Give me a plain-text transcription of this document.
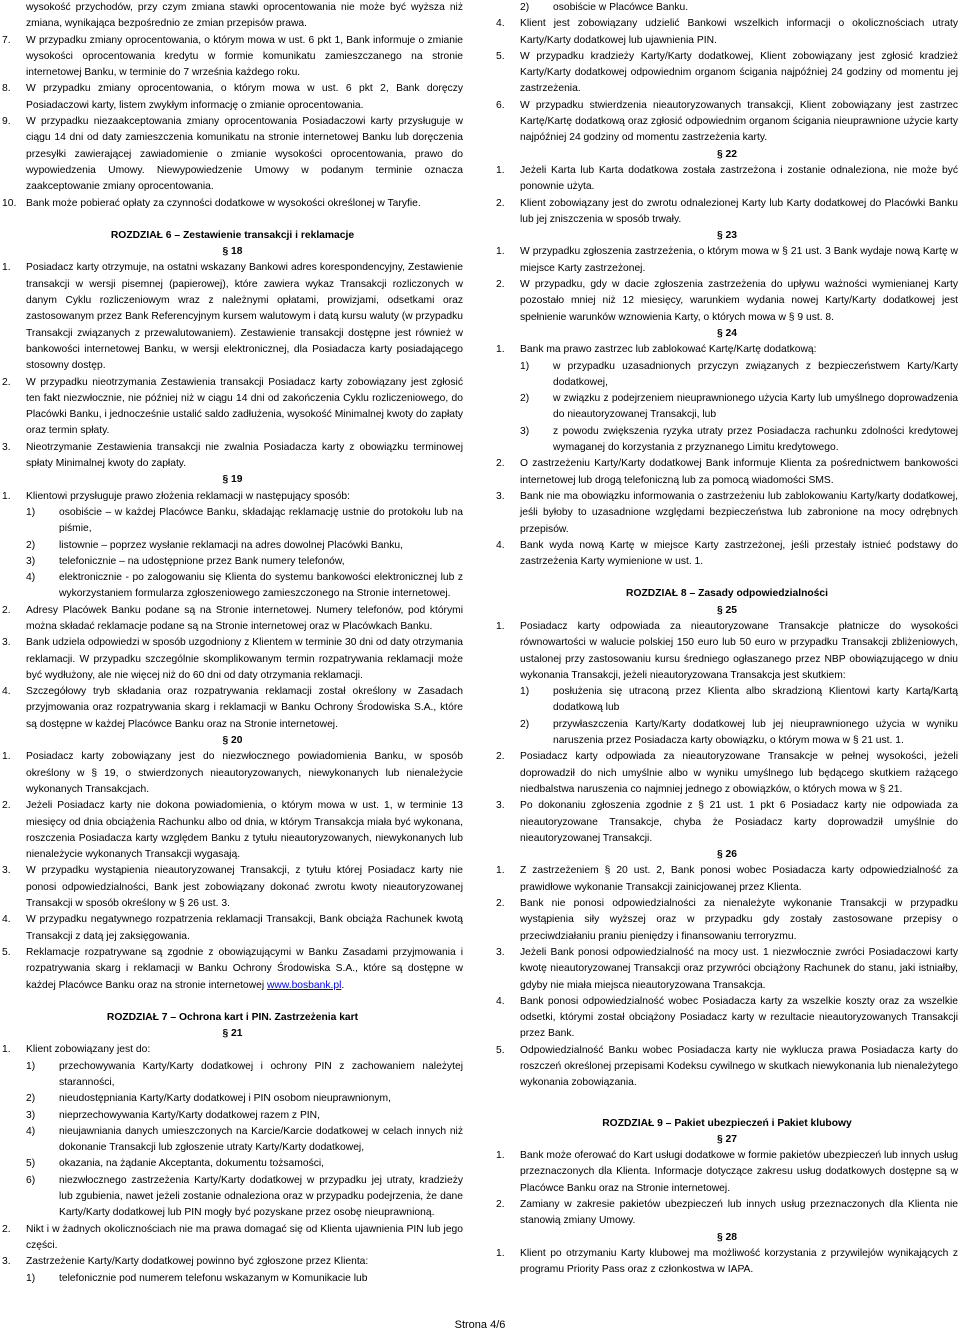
wysokość przychodów, przy czym zmiana stawki oprocentowania nie może być wyższa niż zmiana, wynikająca bezpośrednio ze zmian przepisów prawa.

7. W przypadku zmiany oprocentowania, o którym mowa w ust. 6 pkt 1, Bank informuje o zmianie wysokości oprocentowania kredytu w formie komunikatu zamieszczanego na stronie internetowej Banku, w terminie do 7 września każdego roku.
8. W przypadku zmiany oprocentowania, o którym mowa w ust. 6 pkt 2, Bank doręczy Posiadaczowi karty, listem zwykłym informację o zmianie oprocentowania.
9. W przypadku niezaakceptowania zmiany oprocentowania Posiadaczowi karty przysługuje w ciągu 14 dni od daty zamieszczenia komunikatu na stronie internetowej Banku lub doręczenia przesyłki zawierającej zawiadomienie o zmianie wysokości oprocentowania, prawo do wypowiedzenia Umowy. Niewypowiedzenie Umowy w podanym terminie oznacza zaakceptowanie zmiany oprocentowania.
10. Bank może pobierać opłaty za czynności dodatkowe w wysokości określonej w Taryfie.
ROZDZIAŁ 6 – Zestawienie transakcji i reklamacje
§ 18
1. Posiadacz karty otrzymuje, na ostatni wskazany Bankowi adres korespondencyjny, Zestawienie transakcji w wersji pisemnej (papierowej), które zawiera wykaz Transakcji rozliczonych w danym Cyklu rozliczeniowym wraz z należnymi opłatami, prowizjami, odsetkami oraz zastosowanym przez Bank Referencyjnym kursem walutowym i datą kursu waluty (w przypadku Transakcji związanych z przewalutowaniem). Zestawienie transakcji dostępne jest również w bankowości internetowej Banku, w wersji elektronicznej, dla Posiadacza karty posiadającego stosowny dostęp.
2. W przypadku nieotrzymania Zestawienia transakcji Posiadacz karty zobowiązany jest zgłosić ten fakt niezwłocznie, nie później niż w ciągu 14 dni od zakończenia Cyklu rozliczeniowego, do Placówki Banku, i jednocześnie ustalić saldo zadłużenia, wysokość Minimalnej kwoty do zapłaty oraz termin spłaty.
3. Nieotrzymanie Zestawienia transakcji nie zwalnia Posiadacza karty z obowiązku terminowej spłaty Minimalnej kwoty do zapłaty.
§ 19
1. Klientowi przysługuje prawo złożenia reklamacji w następujący sposób:
1) osobiście – w każdej Placówce Banku, składając reklamację ustnie do protokołu lub na piśmie,
2) listownie – poprzez wysłanie reklamacji na adres dowolnej Placówki Banku,
3) telefonicznie – na udostępnione przez Bank numery telefonów,
4) elektronicznie - po zalogowaniu się Klienta do systemu bankowości elektronicznej lub z wykorzystaniem formularza zgłoszeniowego zamieszczonego na Stronie internetowej.
2. Adresy Placówek Banku podane są na Stronie internetowej. Numery telefonów, pod którymi można składać reklamacje podane są na Stronie internetowej oraz w Placówkach Banku.
3. Bank udziela odpowiedzi w sposób uzgodniony z Klientem w terminie 30 dni od daty otrzymania reklamacji. W przypadku szczególnie skomplikowanym termin rozpatrywania reklamacji może być wydłużony, ale nie więcej niż do 60 dni od daty otrzymania reklamacji.
4. Szczegółowy tryb składania oraz rozpatrywania reklamacji został określony w Zasadach przyjmowania oraz rozpatrywania skarg i reklamacji w Banku Ochrony Środowiska S.A., które są dostępne w każdej Placówce Banku oraz na Stronie internetowej.
§ 20
1. Posiadacz karty zobowiązany jest do niezwłocznego powiadomienia Banku, w sposób określony w § 19, o stwierdzonych nieautoryzowanych, niewykonanych lub nienależycie wykonanych Transakcjach.
2. Jeżeli Posiadacz karty nie dokona powiadomienia, o którym mowa w ust. 1, w terminie 13 miesięcy od dnia obciążenia Rachunku albo od dnia, w którym Transakcja miała być wykonana, roszczenia Posiadacza karty względem Banku z tytułu nieautoryzowanych, niewykonanych lub nienależycie wykonanych Transakcji wygasają.
3. W przypadku wystąpienia nieautoryzowanej Transakcji, z tytułu której Posiadacz karty nie ponosi odpowiedzialności, Bank jest zobowiązany dokonać zwrotu kwoty nieautoryzowanej Transakcji w sposób określony w § 26 ust. 3.
4. W przypadku negatywnego rozpatrzenia reklamacji Transakcji, Bank obciąża Rachunek kwotą Transakcji z datą jej zaksięgowania.
5. Reklamacje rozpatrywane są zgodnie z obowiązującymi w Banku Zasadami przyjmowania i rozpatrywania skarg i reklamacji w Banku Ochrony Środowiska S.A., które są dostępne w każdej Placówce Banku oraz na stronie internetowej www.bosbank.pl.
ROZDZIAŁ 7 – Ochrona kart i PIN. Zastrzeżenia kart
§ 21
1. Klient zobowiązany jest do:
1) przechowywania Karty/Karty dodatkowej i ochrony PIN z zachowaniem należytej staranności,
2) nieudostępniania Karty/Karty dodatkowej i PIN osobom nieuprawnionym,
3) nieprzechowywania Karty/Karty dodatkowej razem z PIN,
4) nieujawniania danych umieszczonych na Karcie/Karcie dodatkowej w celach innych niż dokonanie Transakcji lub zgłoszenie utraty Karty/Karty dodatkowej,
5) okazania, na żądanie Akceptanta, dokumentu tożsamości,
6) niezwłocznego zastrzeżenia Karty/Karty dodatkowej w przypadku jej utraty, kradzieży lub zgubienia, nawet jeżeli zostanie odnaleziona oraz w przypadku podejrzenia, że dane Karty/Karty dodatkowej lub PIN mogły być pozyskane przez osobę nieuprawnioną.
2. Nikt i w żadnych okolicznościach nie ma prawa domagać się od Klienta ujawnienia PIN lub jego części.
3. Zastrzeżenie Karty/Karty dodatkowej powinno być zgłoszone przez Klienta:
1) telefonicznie pod numerem telefonu wskazanym w Komunikacie lub
2) osobiście w Placówce Banku.
4. Klient jest zobowiązany udzielić Bankowi wszelkich informacji o okolicznościach utraty Karty/Karty dodatkowej lub ujawnienia PIN.
5. W przypadku kradzieży Karty/Karty dodatkowej, Klient zobowiązany jest zgłosić kradzież Karty/Karty dodatkowej odpowiednim organom ścigania najpóźniej 24 godziny od momentu jej zastrzeżenia.
6. W przypadku stwierdzenia nieautoryzowanych transakcji, Klient zobowiązany jest zastrzec Kartę/Kartę dodatkową oraz zgłosić odpowiednim organom ścigania nieuprawnione użycie karty najpóźniej 24 godziny od momentu zastrzeżenia karty.
§ 22
1. Jeżeli Karta lub Karta dodatkowa została zastrzeżona i zostanie odnaleziona, nie może być ponownie użyta.
2. Klient zobowiązany jest do zwrotu odnalezionej Karty lub Karty dodatkowej do Placówki Banku lub jej zniszczenia w sposób trwały.
§ 23
1. W przypadku zgłoszenia zastrzeżenia, o którym mowa w § 21 ust. 3 Bank wydaje nową Kartę w miejsce Karty zastrzeżonej.
2. W przypadku, gdy w dacie zgłoszenia zastrzeżenia do upływu ważności wymienianej Karty pozostało mniej niż 12 miesięcy, warunkiem wydania nowej Karty/Karty dodatkowej jest spełnienie warunków wznowienia Karty, o których mowa w § 9 ust. 8.
§ 24
1. Bank ma prawo zastrzec lub zablokować Kartę/Kartę dodatkową:
1) w przypadku uzasadnionych przyczyn związanych z bezpieczeństwem Karty/Karty dodatkowej,
2) w związku z podejrzeniem nieuprawnionego użycia Karty lub umyślnego doprowadzenia do nieautoryzowanej Transakcji, lub
3) z powodu zwiększenia ryzyka utraty przez Posiadacza rachunku zdolności kredytowej wymaganej do korzystania z przyznanego Limitu kredytowego.
2. O zastrzeżeniu Karty/Karty dodatkowej Bank informuje Klienta za pośrednictwem bankowości internetowej lub drogą telefoniczną lub za pomocą wiadomości SMS.
3. Bank nie ma obowiązku informowania o zastrzeżeniu lub zablokowaniu Karty/karty dodatkowej, jeśli byłoby to uzasadnione względami bezpieczeństwa lub zabronione na mocy odrębnych przepisów.
4. Bank wyda nową Kartę w miejsce Karty zastrzeżonej, jeśli przestały istnieć podstawy do zastrzeżenia Karty wymienione w ust. 1.
ROZDZIAŁ 8 – Zasady odpowiedzialności
§ 25
1. Posiadacz karty odpowiada za nieautoryzowane Transakcje płatnicze do wysokości równowartości w walucie polskiej 150 euro lub 50 euro w przypadku Transakcji zbliżeniowych, ustalonej przy zastosowaniu kursu średniego ogłaszanego przez NBP obowiązującego w dniu wykonania Transakcji, jeżeli nieautoryzowana Transakcja jest skutkiem:
1) posłużenia się utraconą przez Klienta albo skradzioną Klientowi karty Kartą/Kartą dodatkową lub
2) przywłaszczenia Karty/Karty dodatkowej lub jej nieuprawnionego użycia w wyniku naruszenia przez Posiadacza karty obowiązku, o którym mowa w § 21 ust. 1.
2. Posiadacz karty odpowiada za nieautoryzowane Transakcje w pełnej wysokości, jeżeli doprowadził do nich umyślnie albo w wyniku umyślnego lub będącego skutkiem rażącego niedbalstwa naruszenia co najmniej jednego z obowiązków, o których mowa w § 21.
3. Po dokonaniu zgłoszenia zgodnie z § 21 ust. 1 pkt 6 Posiadacz karty nie odpowiada za nieautoryzowane Transakcje, chyba że Posiadacz karty doprowadził umyślnie do nieautoryzowanej Transakcji.
§ 26
1. Z zastrzeżeniem § 20 ust. 2, Bank ponosi wobec Posiadacza karty odpowiedzialność za prawidłowe wykonanie Transakcji zainicjowanej przez Klienta.
2. Bank nie ponosi odpowiedzialności za nienależyte wykonanie Transakcji w przypadku wystąpienia siły wyższej oraz w przypadku gdy zostały zastosowane przepisy o przeciwdziałaniu praniu pieniędzy i finansowaniu terroryzmu.
3. Jeżeli Bank ponosi odpowiedzialność na mocy ust. 1 niezwłocznie zwróci Posiadaczowi karty kwotę nieautoryzowanej Transakcji oraz przywróci obciążony Rachunek do stanu, jaki istniałby, gdyby nie miała miejsca nieautoryzowana Transakcja.
4. Bank ponosi odpowiedzialność wobec Posiadacza karty za wszelkie koszty oraz za wszelkie odsetki, którymi został obciążony Posiadacz karty w rezultacie nieautoryzowanych Transakcji przez Bank.
5. Odpowiedzialność Banku wobec Posiadacza karty nie wyklucza prawa Posiadacza karty do roszczeń określonej przepisami Kodeksu cywilnego w skutkach niewykonania lub nienależytego wykonania zobowiązania.
ROZDZIAŁ 9 – Pakiet ubezpieczeń i Pakiet klubowy
§ 27
1. Bank może oferować do Kart usługi dodatkowe w formie pakietów ubezpieczeń lub innych usług przeznaczonych dla Klienta. Informacje dotyczące zakresu usług dodatkowych dostępne są w Placówce Banku oraz na Stronie internetowej.
2. Zamiany w zakresie pakietów ubezpieczeń lub innych usług przeznaczonych dla Klienta nie stanowią zmiany Umowy.
§ 28
1. Klient po otrzymaniu Karty klubowej ma możliwość korzystania z przywilejów wynikających z programu Priority Pass oraz z członkostwa w IAPA.
Strona 4/6
